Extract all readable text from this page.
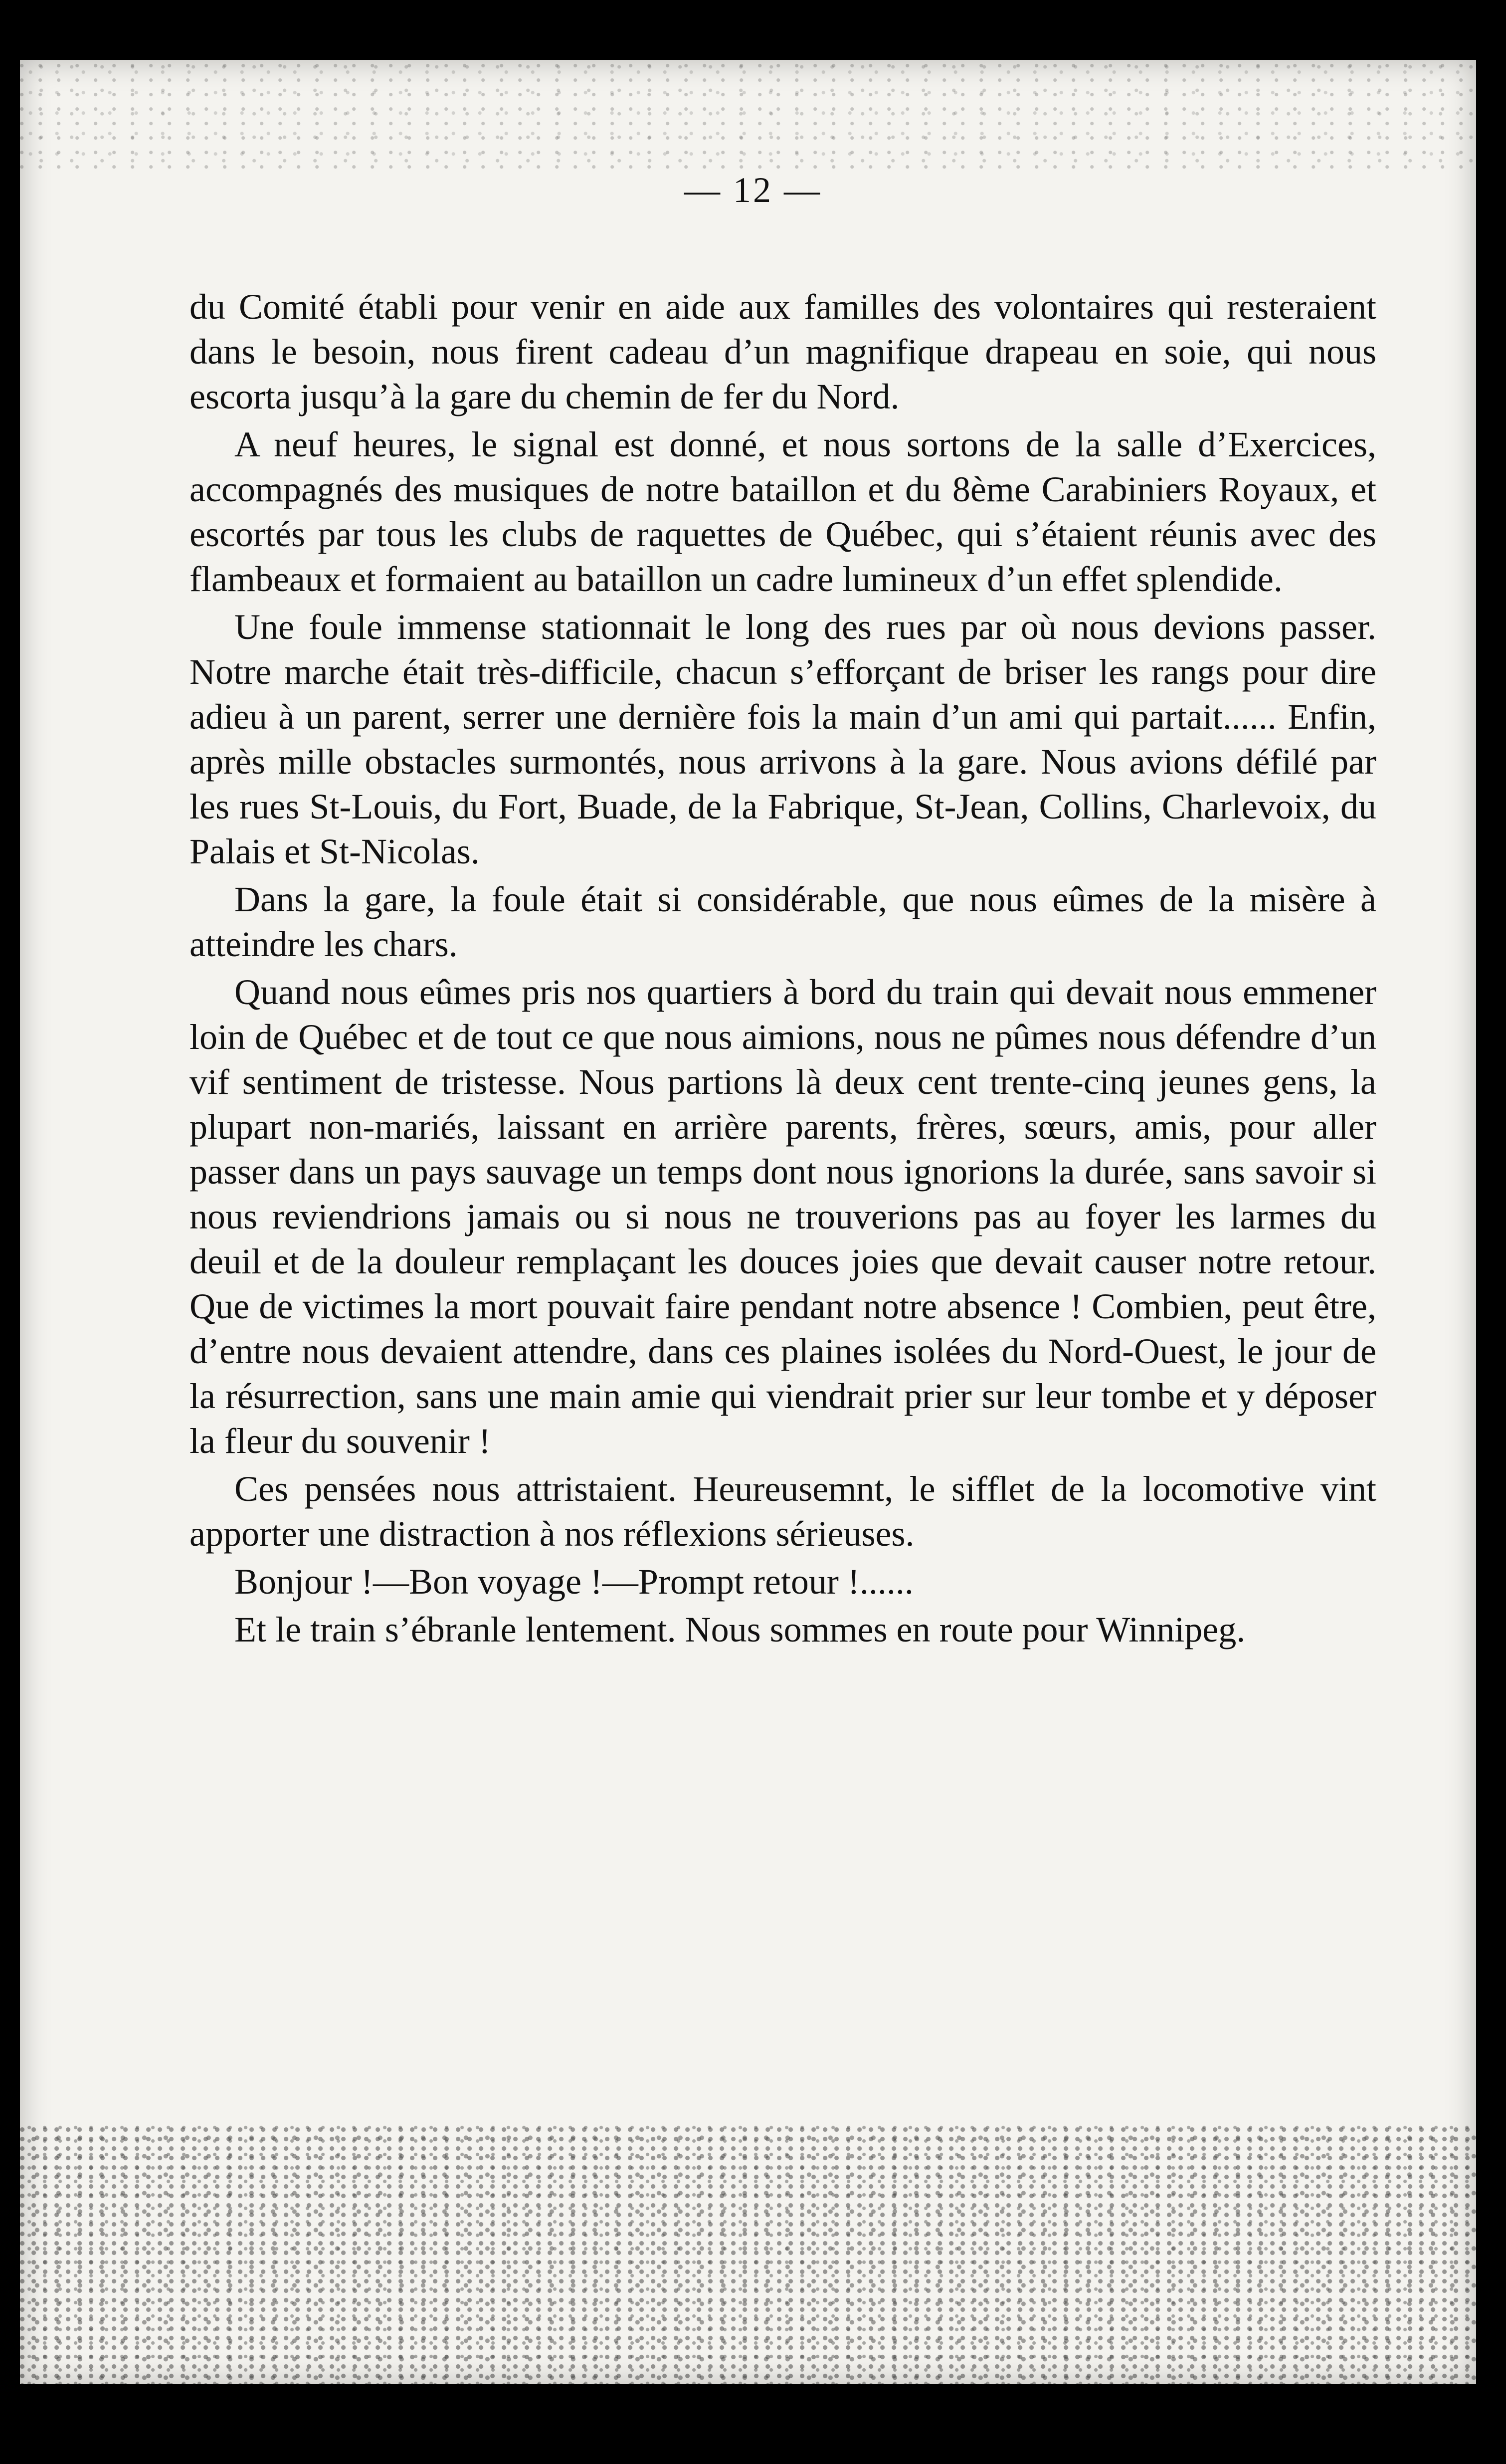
— 12 —

du Comité établi pour venir en aide aux familles des volontaires qui resteraient dans le besoin, nous firent cadeau d’un magnifique drapeau en soie, qui nous escorta jusqu’à la gare du chemin de fer du Nord.

A neuf heures, le signal est donné, et nous sortons de la salle d’Exercices, accompagnés des musiques de notre bataillon et du 8ème Carabiniers Royaux, et escortés par tous les clubs de raquettes de Québec, qui s’étaient réunis avec des flambeaux et formaient au bataillon un cadre lumineux d’un effet splendide.

Une foule immense stationnait le long des rues par où nous devions passer. Notre marche était très-difficile, chacun s’efforçant de briser les rangs pour dire adieu à un parent, serrer une dernière fois la main d’un ami qui partait...... Enfin, après mille obstacles surmontés, nous arrivons à la gare. Nous avions défilé par les rues St-Louis, du Fort, Buade, de la Fabrique, St-Jean, Collins, Charlevoix, du Palais et St-Nicolas.

Dans la gare, la foule était si considérable, que nous eûmes de la misère à atteindre les chars.

Quand nous eûmes pris nos quartiers à bord du train qui devait nous emmener loin de Québec et de tout ce que nous aimions, nous ne pûmes nous défendre d’un vif sentiment de tristesse. Nous partions là deux cent trente-cinq jeunes gens, la plupart non-mariés, laissant en arrière parents, frères, sœurs, amis, pour aller passer dans un pays sauvage un temps dont nous ignorions la durée, sans savoir si nous reviendrions jamais ou si nous ne trouverions pas au foyer les larmes du deuil et de la douleur remplaçant les douces joies que devait causer notre retour. Que de victimes la mort pouvait faire pendant notre absence ! Combien, peut être, d’entre nous devaient attendre, dans ces plaines isolées du Nord-Ouest, le jour de la résurrection, sans une main amie qui viendrait prier sur leur tombe et y déposer la fleur du souvenir !

Ces pensées nous attristaient. Heureusemnt, le sifflet de la locomotive vint apporter une distraction à nos réflexions sérieuses.

Bonjour !—Bon voyage !—Prompt retour !......

Et le train s’ébranle lentement. Nous sommes en route pour Winnipeg.
